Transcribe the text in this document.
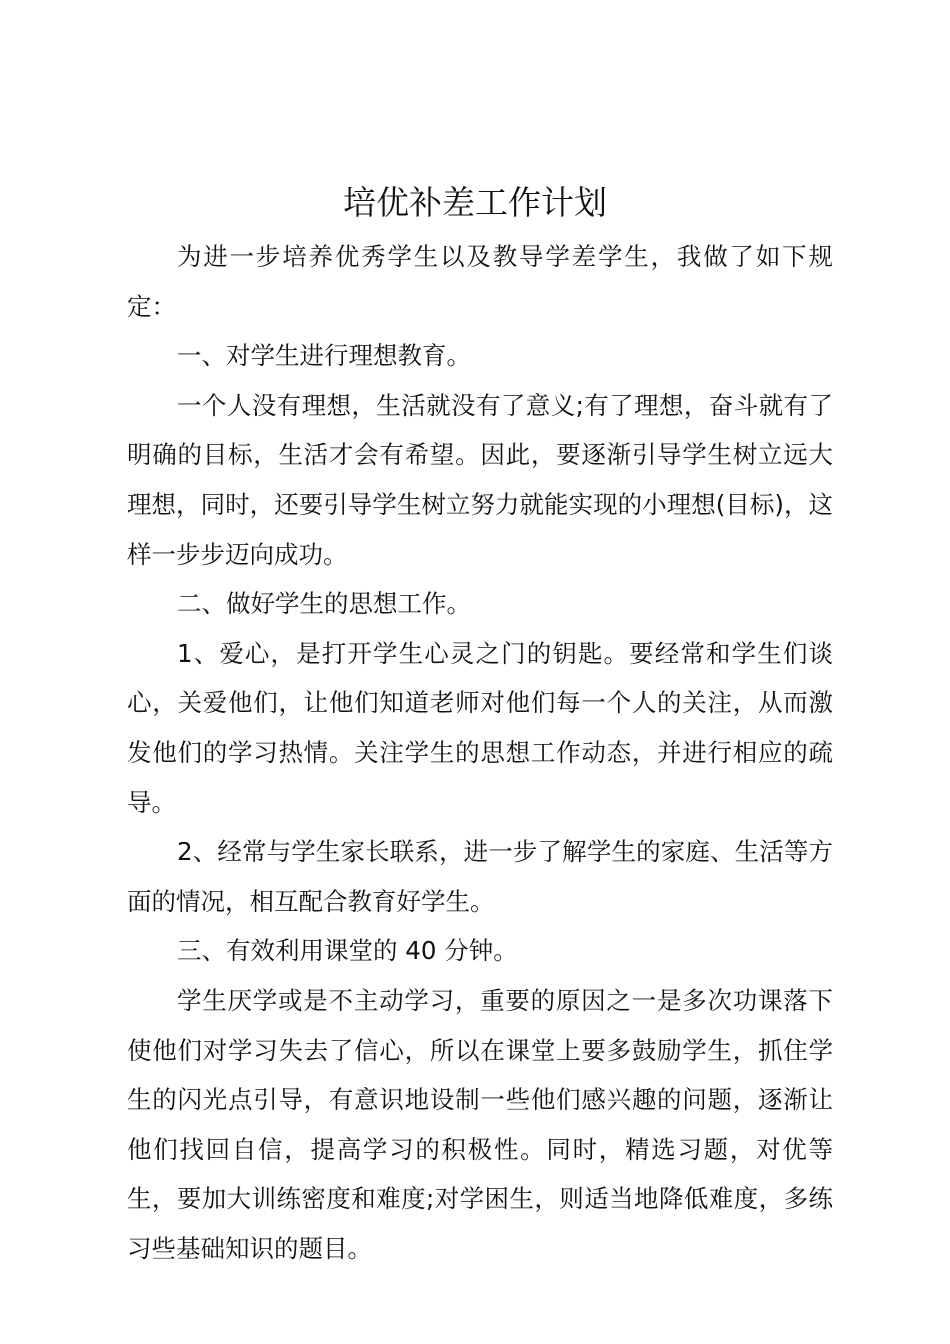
培优补差工作计划

为进一步培养优秀学生以及教导学差学生，我做了如下规定：

一、对学生进行理想教育。

一个人没有理想，生活就没有了意义;有了理想，奋斗就有了明确的目标，生活才会有希望。因此，要逐渐引导学生树立远大理想，同时，还要引导学生树立努力就能实现的小理想(目标)，这样一步步迈向成功。

二、做好学生的思想工作。

1、爱心，是打开学生心灵之门的钥匙。要经常和学生们谈心，关爱他们，让他们知道老师对他们每一个人的关注，从而激发他们的学习热情。关注学生的思想工作动态，并进行相应的疏导。

2、经常与学生家长联系，进一步了解学生的家庭、生活等方面的情况，相互配合教育好学生。

三、有效利用课堂的 40 分钟。

学生厌学或是不主动学习，重要的原因之一是多次功课落下使他们对学习失去了信心，所以在课堂上要多鼓励学生，抓住学生的闪光点引导，有意识地设制一些他们感兴趣的问题，逐渐让他们找回自信，提高学习的积极性。同时，精选习题，对优等生，要加大训练密度和难度;对学困生，则适当地降低难度，多练习些基础知识的题目。
